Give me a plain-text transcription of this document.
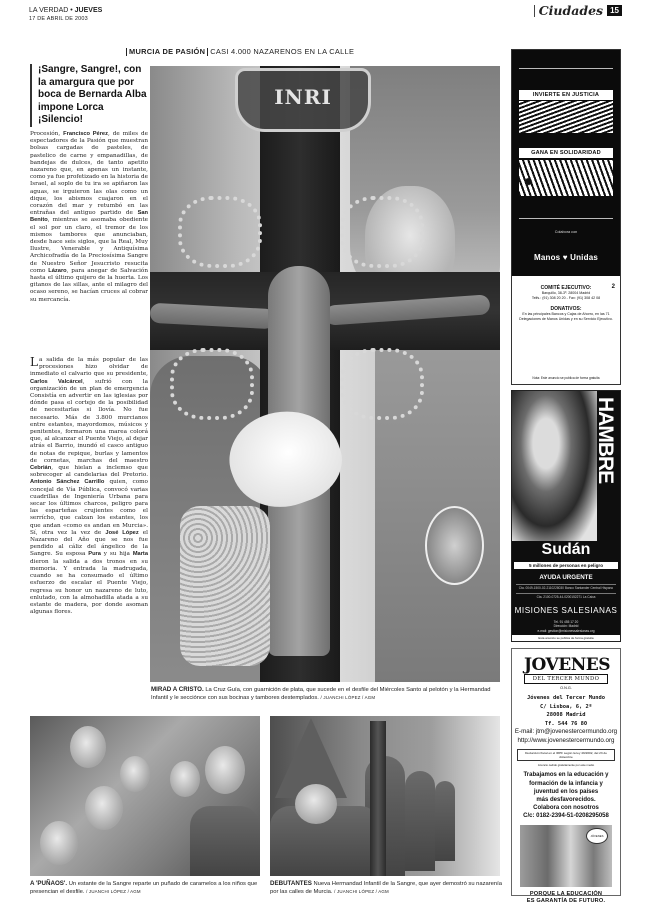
LA VERDAD • JUEVES
17 DE ABRIL DE 2003
Ciudades 15
MURCIA DE PASIÓN CASI 4.000 NAZARENOS EN LA CALLE
¡Sangre, Sangre!, con la amargura que por boca de Bernarda Alba impone Lorca ¡Silencio!
Procesión, Francisco Pérez, de miles de espectadores de la Pasión que muestran bolsas cargadas de pasteles, de pastelico de carne y empanadillas, de bandejas de dulces, de tanto apetito nazareno que, en apenas un instante, como ya fue profetizado en la historia de Israel, al soplo de tu ira se apiñaron las aguas, se irguieron las olas como un dique, los abismos cuajaron en el corazón del mar y retumbó en las entrañas del antiguo partido de San Benito, mientras se asomaba obediente el sol por un claro, el tremor de los mismos tambores que anunciaban, desde hace seis siglos, que la Real, Muy Ilustre, Venerable y Antiquísima Archicofradía de la Preciosísima Sangre de Nuestro Señor Jesucristo resucita como Lázaro, para anegar de Salvación hasta el último quijero de la huerta. Los gitanos de las sillas, ante el milagro del ocaso sereno, se hacían cruces al cobrar su mercancía.
La salida de la más popular de las procesiones hizo olvidar de inmediato el calvario que su presidente, Carlos Valcárcel, sufrió con la organización de un plan de emergencia Consistía en advertir en las iglesias por dónde pasa el cortejo de la posibilidad de necesitarlas si llovía. No fue necesario. Más de 3.800 murcianos entre estantes, mayordomos, músicos y penitentes, formaron una marea colorá que, al alcanzar el Puente Viejo, al dejar atrás el Barrio, inundó el casco antiguo de notas de repique, burlas y lamentos de cornetas, marchas del maestro Cebrián, que hielan a inclemso que sobrecoger al candelarias del Pretorio. Antonio Sánchez Carrillo quien, como concejal de Vía Pública, convocó varias cuadrillas de Ingeniería Urbana para secar los últimos charcos, peligro para las esparteñas crujientes como el serrícho, que calzan los estantes, los que andan «como es andan en Murcia». Sí, otra vez la vez de José López el Nazareno del Año que se nos fue pendido al cáliz del ángelico de la Sangre. Su esposa Pura y su hija Marta dieron la salida a dos tronos en su memoria. Y entrada la madrugada, cuando se ha consumado el último esfuerzo de escalar el Puente Viejo, regresa su honor un nazareno de luto, enlutado, con la almohadilla atada a su estante de madera, por donde asoman algunas flores.
INRI
MIRAD A CRISTO. La Cruz Guía, con guarnición de plata, que sucede en el desfile del Miércoles Santo al pelotón y la Hermandad Infantil y le secciónce con sus bocinas y tambores destemplados. / JUANCHI LÓPEZ / AGM
A 'PUÑAOS'. Un estante de la Sangre reparte un puñado de caramelos a los niños que presencian el desfile. / JUANCHI LÓPEZ / AGM
DEBUTANTES Nueva Hermandad Infantil de la Sangre, que ayer demostró su nazarenía por las calles de Murcia. / JUANCHI LÓPEZ / AGM
INVIERTE EN JUSTICIA
GANA EN SOLIDARIDAD
Colabora con
Manos ♥ Unidas
2
COMITÉ EJECUTIVO:
Barquillo, 38-3º. 28004 Madrid
Telfs.: (91) 308 20 20 - Fax: (91) 308 42 08
DONATIVOS:
En las principales Bancos y Cajas de Ahorro, en las 71 Delegaciones de Manos Unidas y en su Servicio Ejecutivo.
Nota: Este anuncio se publica de forma gratuita
HAMBRE
Sudán
5 millones de personas en peligro
AYUDA URGENTE
Cta. 0049-1500-02-2110228030 Banco Santander Central Hispano
Cta. 2100-0725-44-0200152271 La Caixa
MISIONES SALESIANAS
Tel. 91 455 17 20
Dirección: Madrid
e-mail: gestion@misionessalesianas.org
Esta anuncio se publica de forma gratuita
JOVENES
DEL TERCER MUNDO
O.N.G.
Jóvenes del Tercer Mundo
C/ Lisboa, 6, 2º
28008 Madrid
Tf. 544 76 80
E-mail: jtm@jovenestercermundo.org
http://www.jovenestercermundo.org
Deducción fiscal en el IRPF según la ley 49/2002, del 23 de diciembre
Anuncio cedido gratuitamente por este medio
Trabajamos en la educación y
formación de la infancia y
juventud en los países
más desfavorecidos.
Colabora con nosotros
C/c: 0182-2394-51-0208295058
JÓVENES
PORQUE LA EDUCACIÓN
ES GARANTÍA DE FUTURO.
